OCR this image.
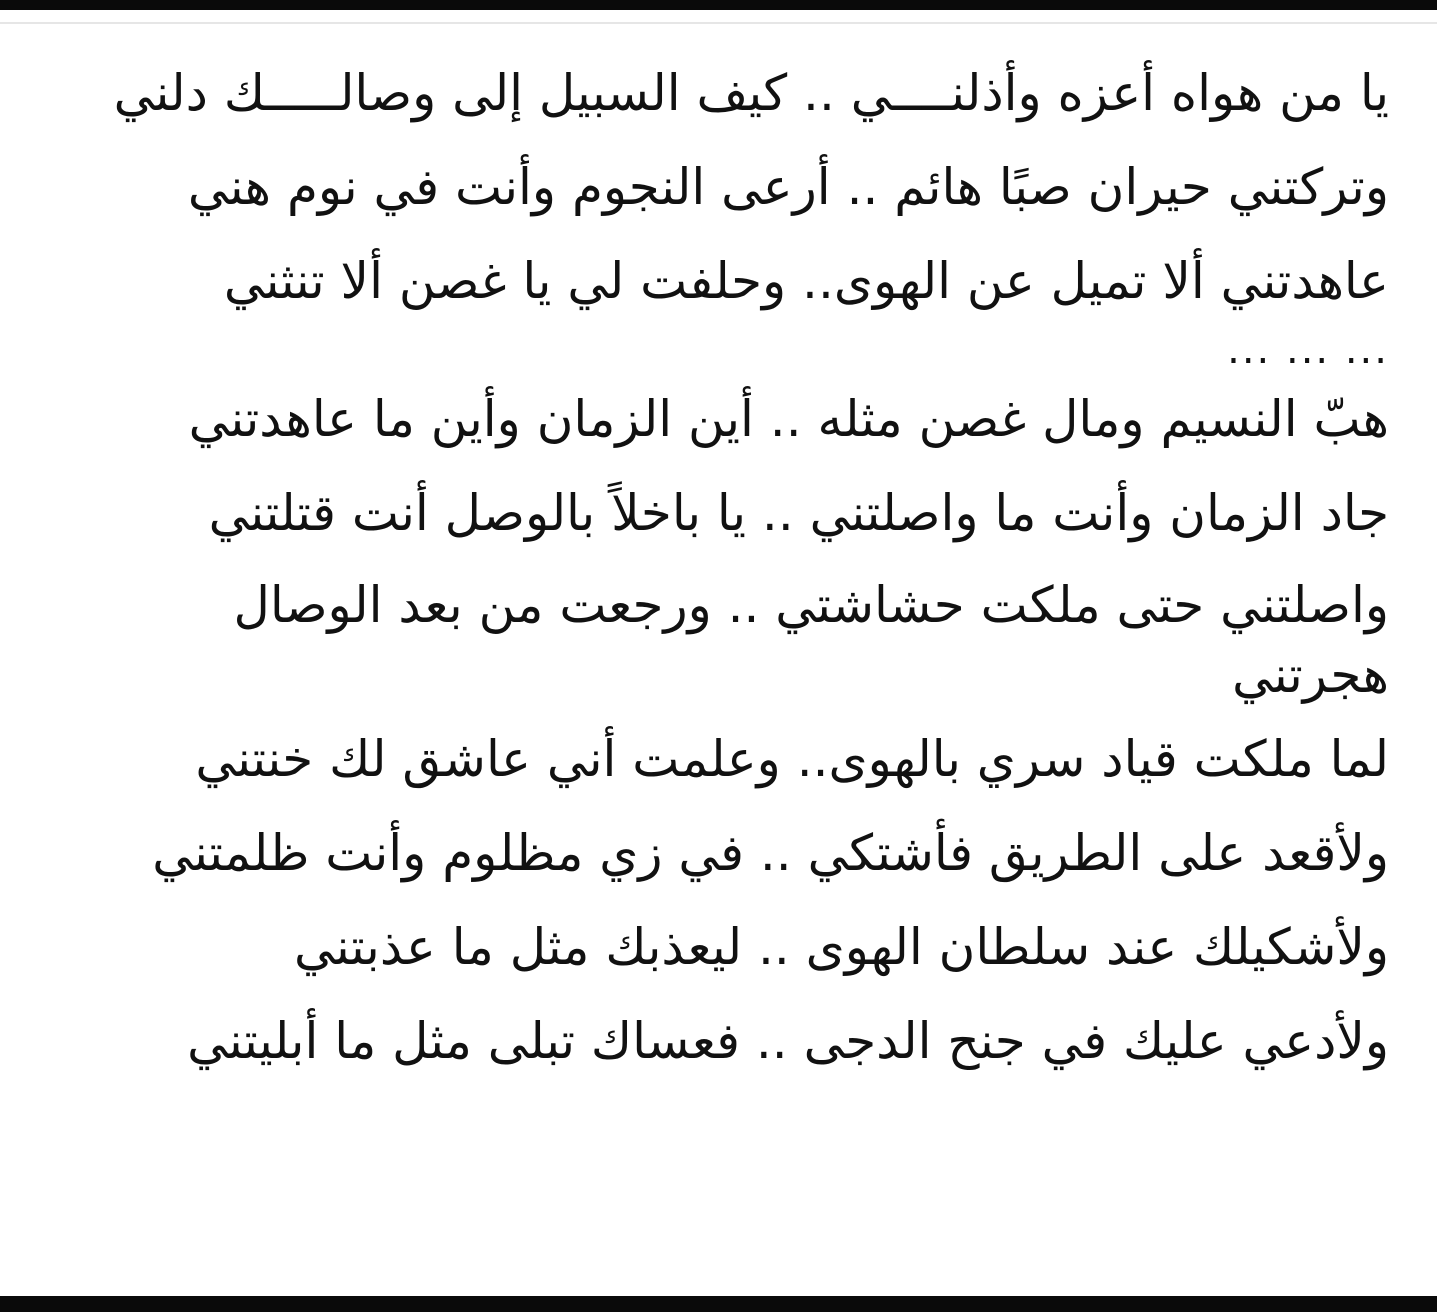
يا من هواه أعزه وأذلنــــي .. كيف السبيل إلى وصالـــــك دلني
وتركتني حيران صبًا هائم .. أرعى النجوم وأنت في نوم هني
عاهدتني ألا تميل عن الهوى.. وحلفت لي يا غصن ألا تنثني
... ... ...
هبّ النسيم ومال غصن مثله .. أين الزمان وأين ما عاهدتني
جاد الزمان وأنت ما واصلتني .. يا باخلاً بالوصل أنت قتلتني
واصلتني حتى ملكت حشاشتي .. ورجعت من بعد الوصال هجرتني
لما ملكت قياد سري بالهوى.. وعلمت أني عاشق لك خنتني
ولأقعد على الطريق فأشتكي .. في زي مظلوم وأنت ظلمتني
ولأشكيلك عند سلطان الهوى .. ليعذبك مثل ما عذبتني
ولأدعي عليك في جنح الدجى .. فعساك تبلى مثل ما أبليتني
